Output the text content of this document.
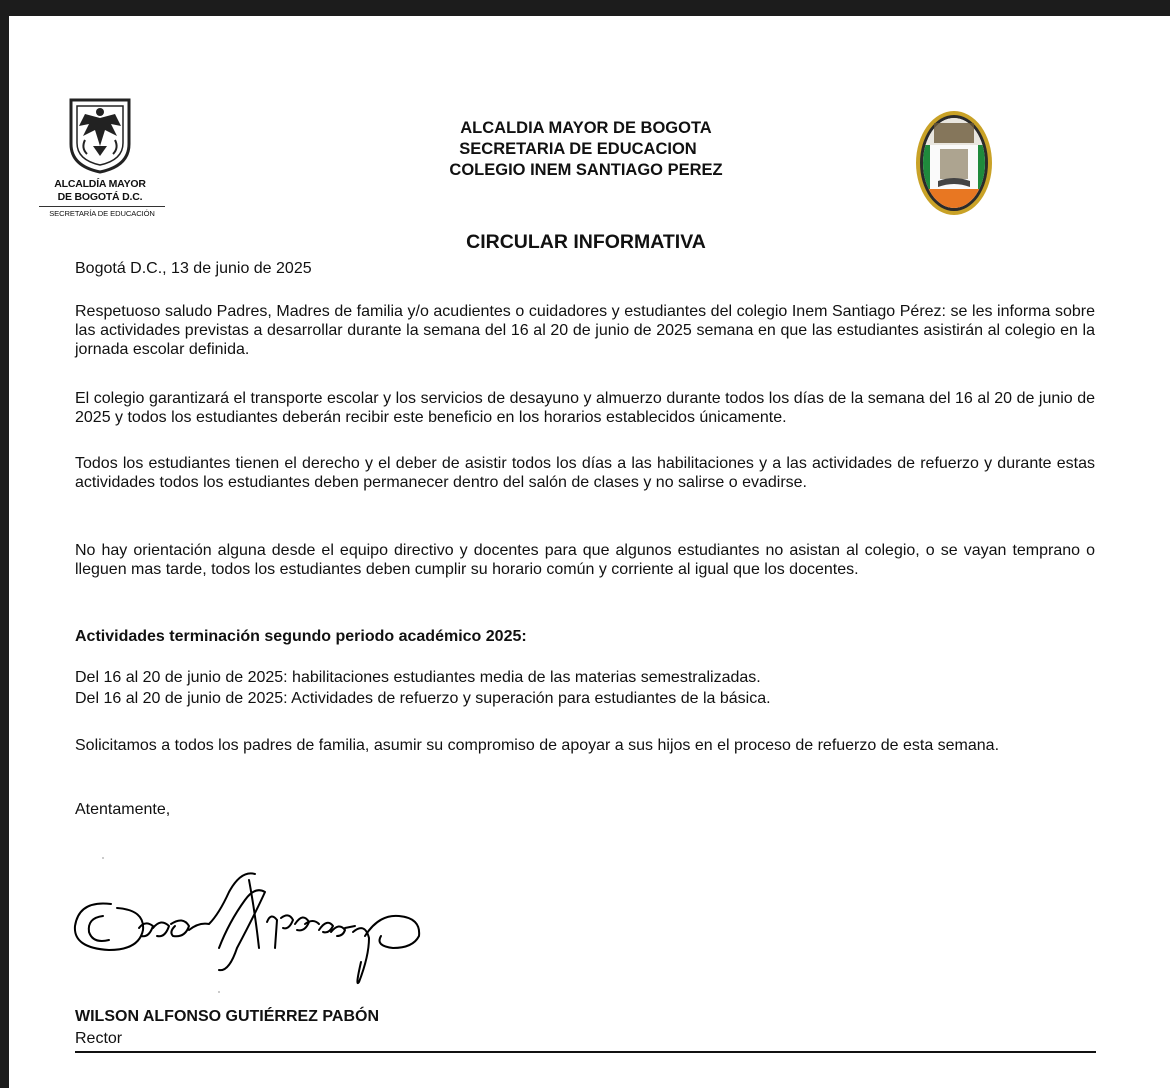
ALCALDÍA MAYOR
DE BOGOTÁ D.C.
SECRETARÍA DE EDUCACIÓN
ALCALDIA MAYOR DE BOGOTA
SECRETARIA DE EDUCACION
COLEGIO INEM SANTIAGO PEREZ
CIRCULAR INFORMATIVA
Bogotá D.C., 13 de junio de 2025
Respetuoso saludo Padres, Madres de familia y/o acudientes o cuidadores y estudiantes del colegio Inem Santiago Pérez: se les informa sobre las actividades previstas a desarrollar durante la semana del 16 al 20 de junio de 2025 semana en que las estudiantes asistirán al colegio en la jornada escolar definida.
El colegio garantizará el transporte escolar y los servicios de desayuno y almuerzo durante todos los días de la semana del 16 al 20 de junio de 2025 y todos los estudiantes deberán recibir este beneficio en los horarios establecidos únicamente.
Todos los estudiantes tienen el derecho y el deber de asistir todos los días a las habilitaciones y a las actividades de refuerzo y durante estas actividades todos los estudiantes deben permanecer dentro del salón de clases y no salirse o evadirse.
No hay orientación alguna desde el equipo directivo y docentes para que algunos estudiantes no asistan al colegio, o se vayan temprano o lleguen mas tarde, todos los estudiantes deben cumplir su horario común y corriente al igual que los docentes.
Actividades terminación segundo periodo académico 2025:
Del 16 al 20 de junio de 2025: habilitaciones estudiantes media de las materias semestralizadas.
Del 16 al 20 de junio de 2025: Actividades de refuerzo y superación para estudiantes de la básica.
Solicitamos a todos los padres de familia, asumir su compromiso de apoyar a sus hijos en el proceso de refuerzo de esta semana.
Atentamente,
WILSON ALFONSO GUTIÉRREZ PABÓN
Rector
